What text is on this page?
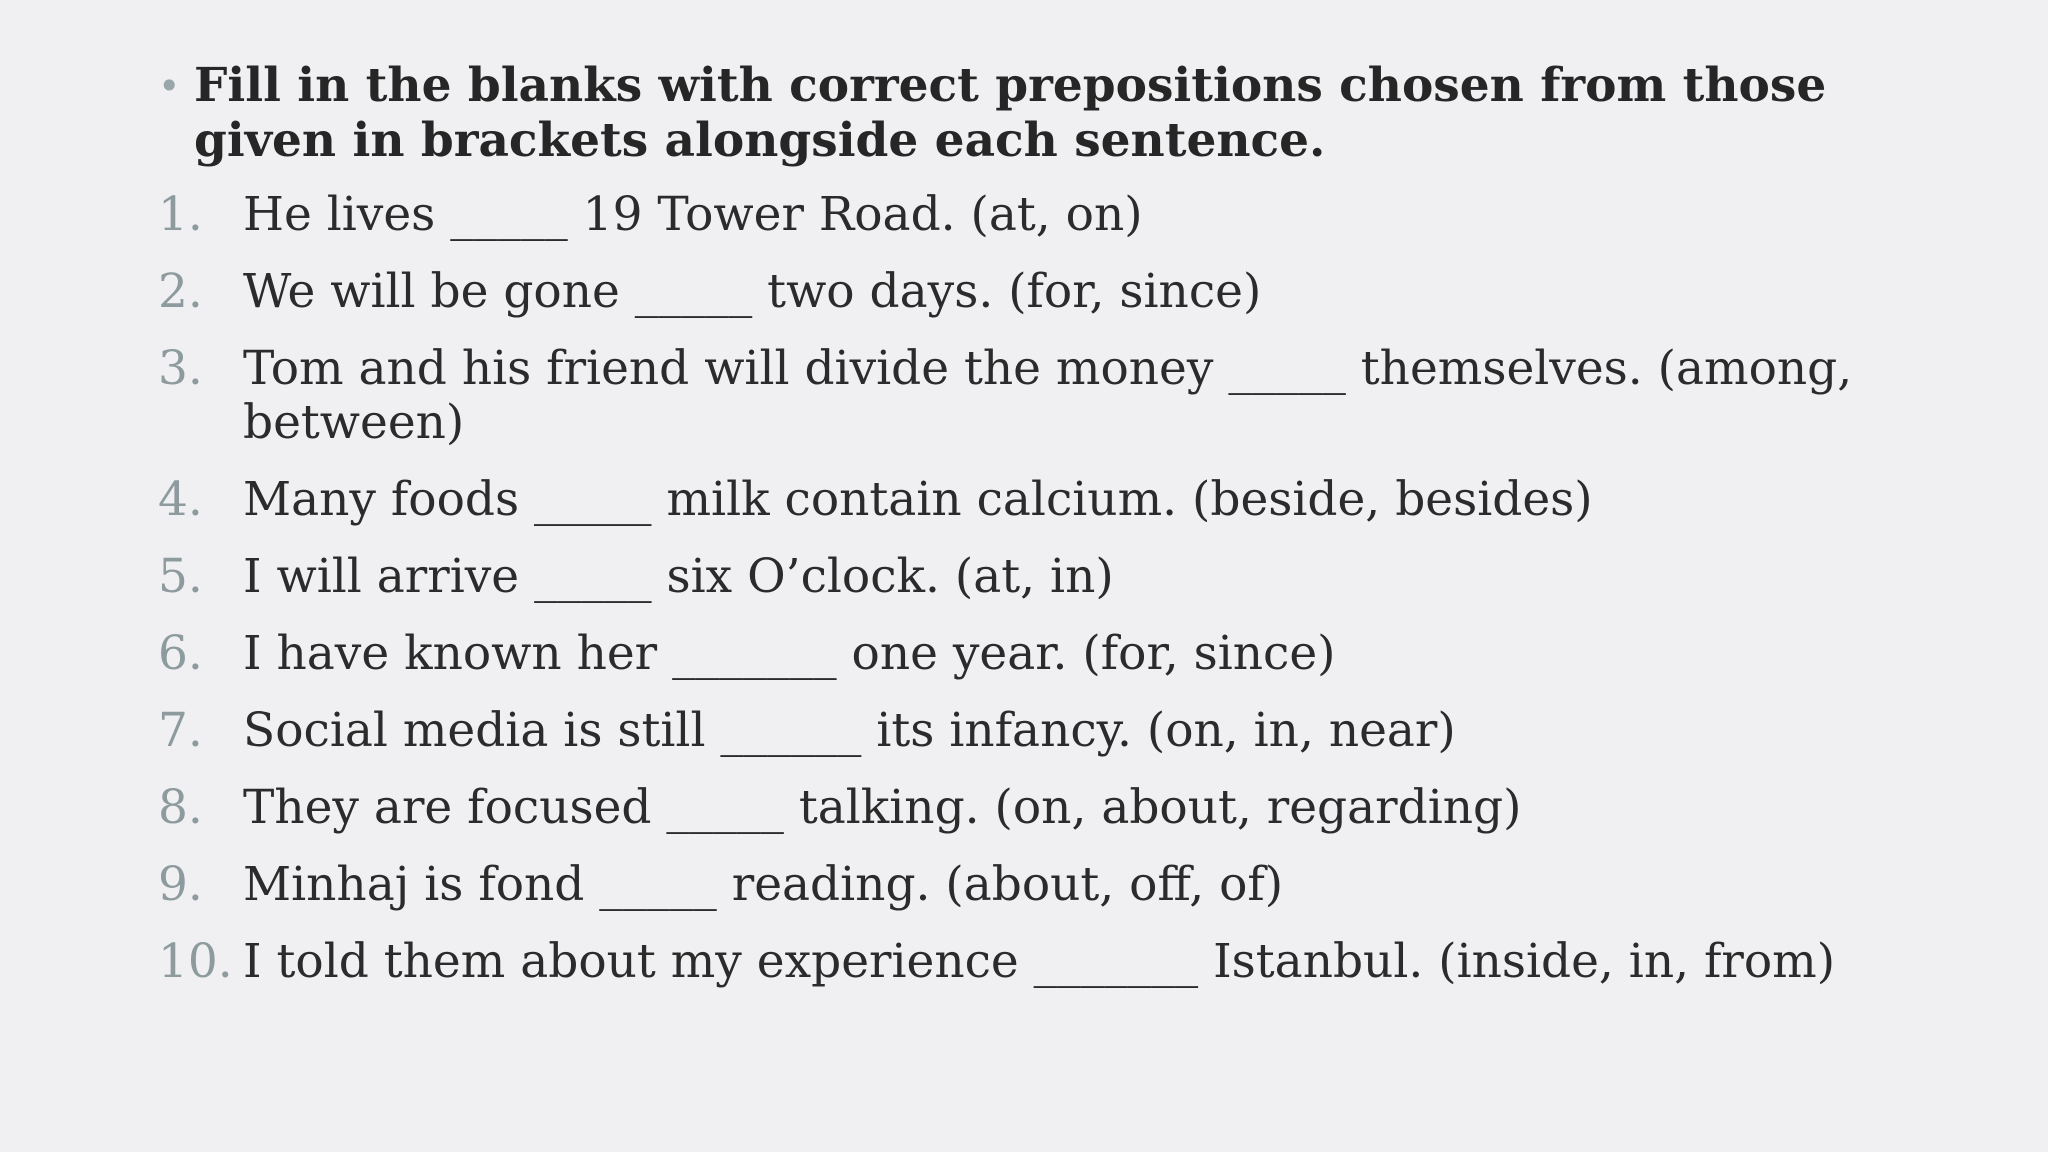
• Fill in the blanks with correct prepositions chosen from those given in brackets alongside each sentence.
1. He lives _____ 19 Tower Road. (at, on)
2. We will be gone _____ two days. (for, since)
3. Tom and his friend will divide the money _____ themselves. (among, between)
4. Many foods _____ milk contain calcium. (beside, besides)
5. I will arrive _____ six O’clock. (at, in)
6. I have known her _______ one year. (for, since)
7. Social media is still ______ its infancy. (on, in, near)
8. They are focused _____ talking. (on, about, regarding)
9. Minhaj is fond _____ reading. (about, off, of)
10. I told them about my experience _______ Istanbul. (inside, in, from)
